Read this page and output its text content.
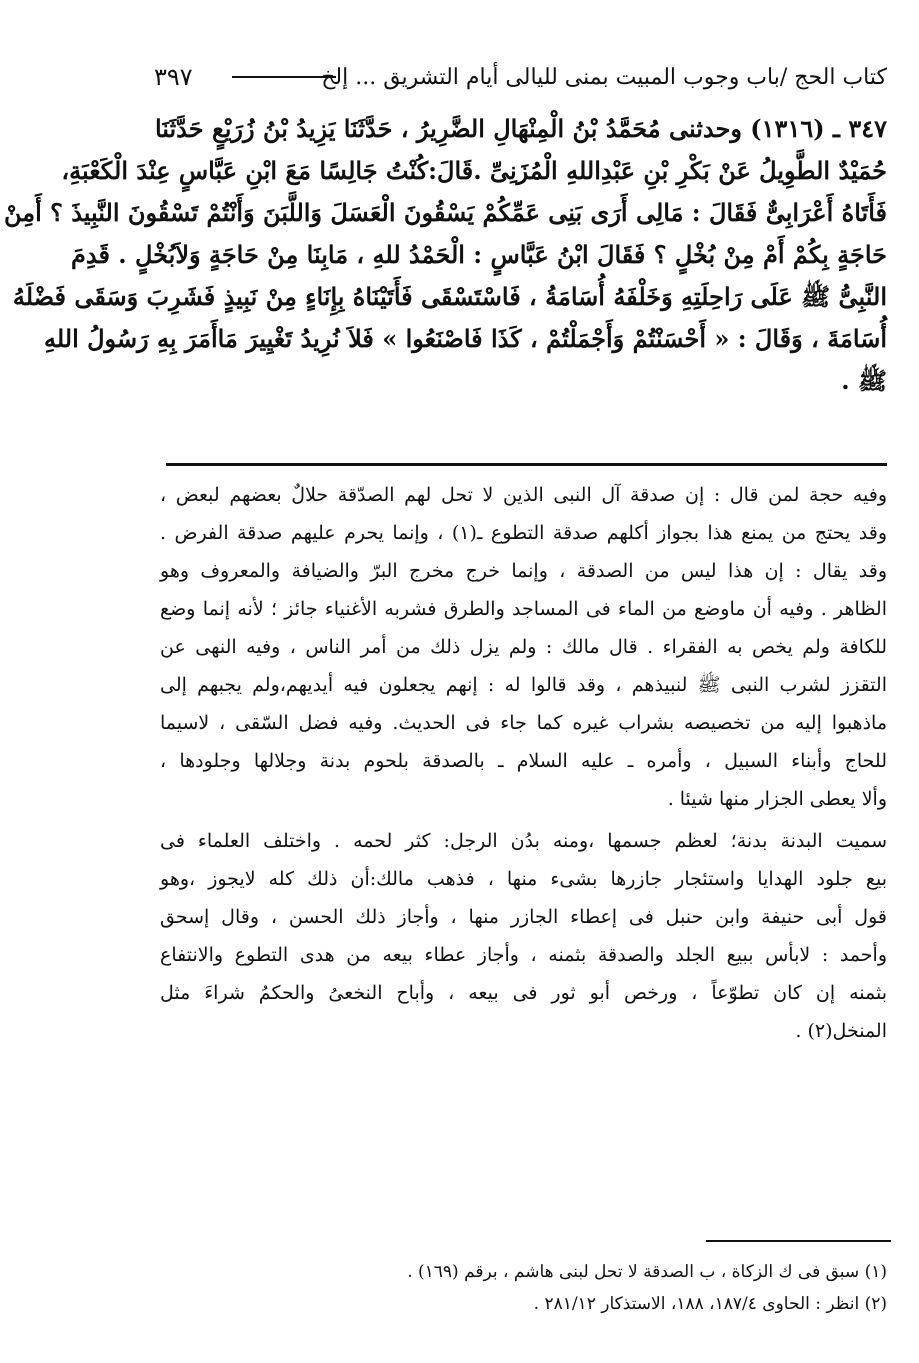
كتاب الحج /باب وجوب المبيت بمنى لليالى أيام التشريق ... إلخ
٣٩٧
٣٤٧ ـ (١٣١٦) وحدثنى مُحَمَّدُ بْنُ الْمِنْهَالِ الضَّرِيرُ ، حَدَّثَنَا يَزِيدُ بْنُ زُرَيْعٍ حَدَّثَنَا
حُمَيْدٌ الطَّوِيلُ عَنْ بَكْرِ بْنِ عَبْدِاللهِ الْمُزَنِىِّ .قَالَ:كُنْتُ جَالِسًا مَعَ ابْنِ عَبَّاسٍ عِنْدَ الْكَعْبَةِ،
فَأَتَاهُ أَعْرَابِىٌّ فَقَالَ : مَالِى أَرَى بَنِى عَمِّكُمْ يَسْقُونَ الْعَسَلَ وَاللَّبَنَ وَأَنْتُمْ تَسْقُونَ النَّبِيذَ ؟ أَمِنْ
حَاجَةٍ بِكُمْ أَمْ مِنْ بُخْلٍ ؟ فَقَالَ ابْنُ عَبَّاسٍ : الْحَمْدُ للهِ ، مَابِنَا مِنْ حَاجَةٍ وَلاَبُخْلٍ . قَدِمَ
النَّبِىُّ ﷺ عَلَى رَاحِلَتِهِ وَخَلْفَهُ أُسَامَةُ ، فَاسْتَسْقَى فَأَتَيْنَاهُ بِإِنَاءٍ مِنْ نَبِيذٍ فَشَرِبَ وَسَقَى فَضْلَهُ
أُسَامَةَ ، وَقَالَ : « أَحْسَنْتُمْ وَأَجْمَلْتُمْ ، كَذَا فَاصْنَعُوا » فَلاَ نُرِيدُ تَغْيِيرَ مَاأَمَرَ بِهِ رَسُولُ اللهِ
ﷺ .
وفيه حجة لمن قال : إن صدقة آل النبى الذين لا تحل لهم الصدّقة حلالٌ بعضهم لبعض ،
وقد يحتج من يمنع هذا بجواز أكلهم صدقة التطوع ـ(١) ، وإنما يحرم عليهم صدقة الفرض .
وقد يقال : إن هذا ليس من الصدقة ، وإنما خرج مخرج البرّ والضيافة والمعروف وهو
الظاهر . وفيه أن ماوضع من الماء فى المساجد والطرق فشربه الأغنياء جائز ؛ لأنه إنما وضع
للكافة ولم يخص به الفقراء . قال مالك : ولم يزل ذلك من أمر الناس ، وفيه النهى عن
التقزز لشرب النبى ﷺ لنبيذهم ، وقد قالوا له : إنهم يجعلون فيه أيديهم،ولم يجبهم إلى
ماذهبوا إليه من تخصيصه بشراب غيره كما جاء فى الحديث. وفيه فضل السّقى ، لاسيما
للحاج وأبناء السبيل ، وأمره ـ عليه السلام ـ بالصدقة بلحوم بدنة وجلالها وجلودها ،
وألا يعطى الجزار منها شيئا .
سميت البدنة بدنة؛ لعظم جسمها ،ومنه بدُن الرجل: كثر لحمه . واختلف العلماء فى
بيع جلود الهدايا واستئجار جازرها بشىء منها ، فذهب مالك:أن ذلك كله لايجوز ،وهو
قول أبى حنيفة وابن حنبل فى إعطاء الجازر منها ، وأجاز ذلك الحسن ، وقال إسحق
وأحمد : لابأس ببيع الجلد والصدقة بثمنه ، وأجاز عطاء بيعه من هدى التطوع والانتفاع
بثمنه إن كان تطوّعاً ، ورخص أبو ثور فى بيعه ، وأباح النخعىُ والحكمُ شراءَ مثل
المنخل(٢) .
(١) سبق فى ك الزكاة ، ب الصدقة لا تحل لبنى هاشم ، برقم (١٦٩) .
(٢) انظر : الحاوى ١٨٧/٤، ١٨٨، الاستذكار ٢٨١/١٢ .
